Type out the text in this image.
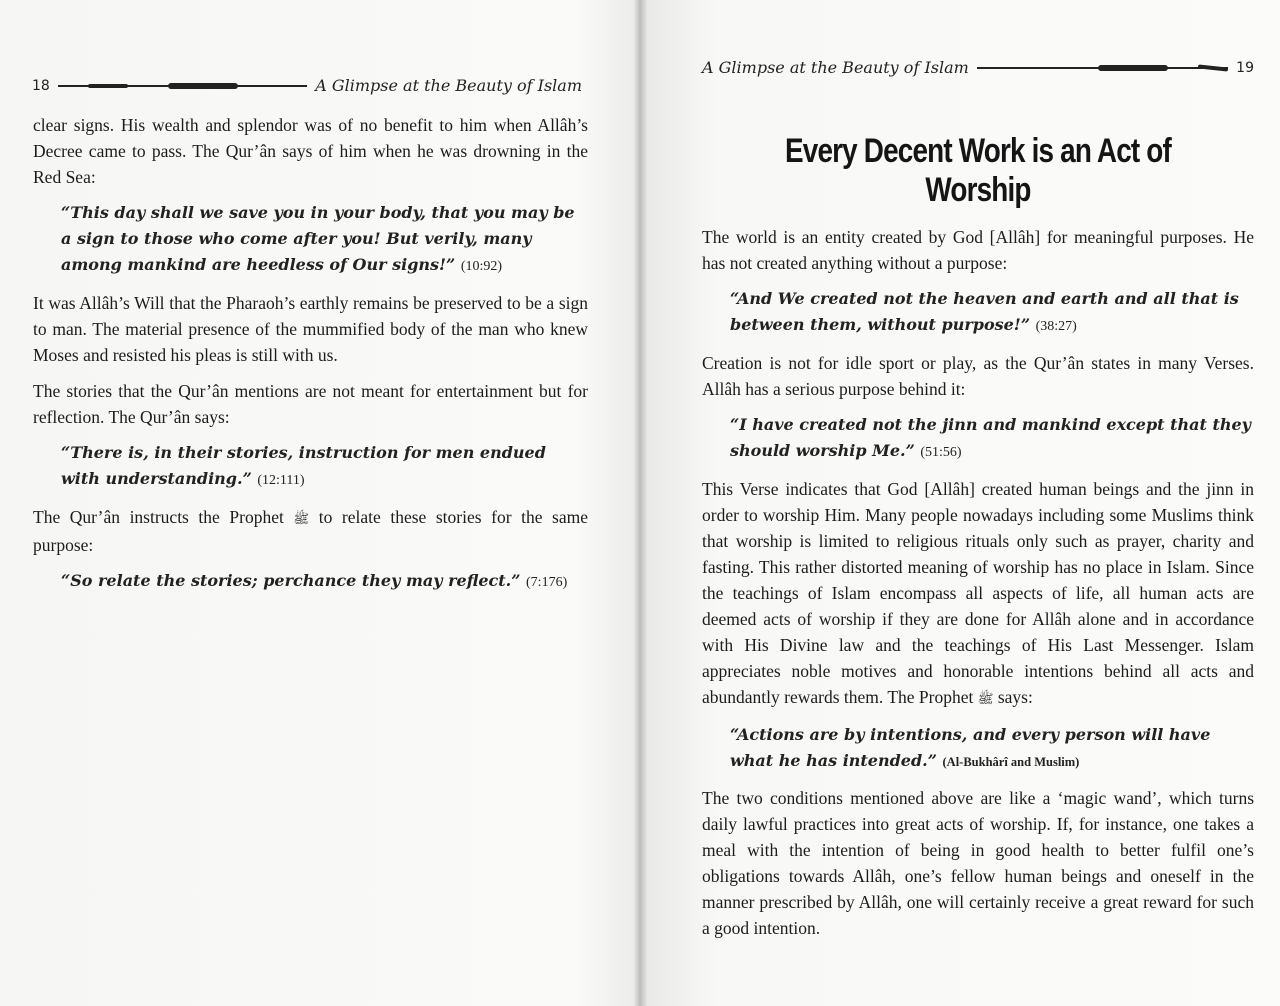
18	A Glimpse at the Beauty of Islam

clear signs. His wealth and splendor was of no benefit to him when Allâh’s Decree came to pass. The Qur’ân says of him when he was drowning in the Red Sea:

“This day shall we save you in your body, that you may be a sign to those who come after you! But verily, many among mankind are heedless of Our signs!” (10:92)

It was Allâh’s Will that the Pharaoh’s earthly remains be preserved to be a sign to man. The material presence of the mummified body of the man who knew Moses and resisted his pleas is still with us.

The stories that the Qur’ân mentions are not meant for entertainment but for reflection. The Qur’ân says:

“There is, in their stories, instruction for men endued with understanding.” (12:111)

The Qur’ân instructs the Prophet ﷺ to relate these stories for the same purpose:

“So relate the stories; perchance they may reflect.” (7:176)
A Glimpse at the Beauty of Islam	19
Every Decent Work is an Act of Worship

The world is an entity created by God [Allâh] for meaningful purposes. He has not created anything without a purpose:

“And We created not the heaven and earth and all that is between them, without purpose!” (38:27)

Creation is not for idle sport or play, as the Qur’ân states in many Verses. Allâh has a serious purpose behind it:

“I have created not the jinn and mankind except that they should worship Me.” (51:56)

This Verse indicates that God [Allâh] created human beings and the jinn in order to worship Him. Many people nowadays including some Muslims think that worship is limited to religious rituals only such as prayer, charity and fasting. This rather distorted meaning of worship has no place in Islam. Since the teachings of Islam encompass all aspects of life, all human acts are deemed acts of worship if they are done for Allâh alone and in accordance with His Divine law and the teachings of His Last Messenger. Islam appreciates noble motives and honorable intentions behind all acts and abundantly rewards them. The Prophet ﷺ says:

“Actions are by intentions, and every person will have what he has intended.” (Al-Bukhârî and Muslim)

The two conditions mentioned above are like a ‘magic wand’, which turns daily lawful practices into great acts of worship. If, for instance, one takes a meal with the intention of being in good health to better fulfil one’s obligations towards Allâh, one’s fellow human beings and oneself in the manner prescribed by Allâh, one will certainly receive a great reward for such a good intention.
